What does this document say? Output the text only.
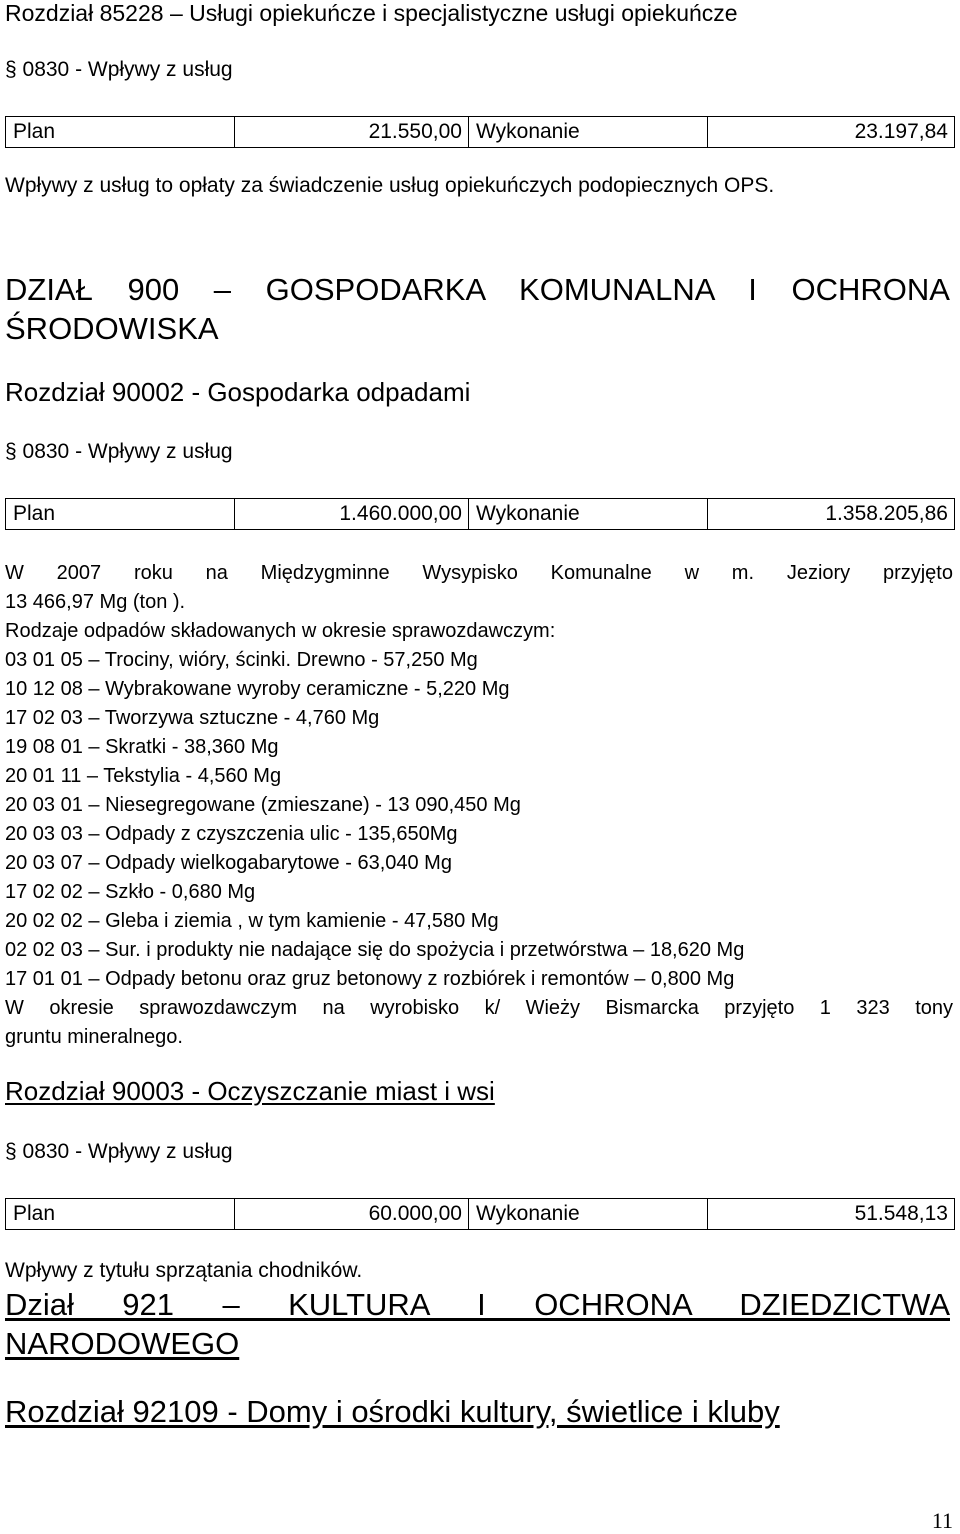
Rozdział 85228 – Usługi opiekuńcze i specjalistyczne usługi opiekuńcze
§ 0830 - Wpływy z usług
Plan	21.550,00	Wykonanie	23.197,84
Wpływy z usług to opłaty za świadczenie usług opiekuńczych podopiecznych OPS.
DZIAŁ 900 – GOSPODARKA KOMUNALNA I OCHRONA
ŚRODOWISKA
Rozdział 90002 - Gospodarka odpadami
§ 0830 - Wpływy z usług
Plan	1.460.000,00	Wykonanie	1.358.205,86
W 2007 roku na Międzygminne Wysypisko Komunalne w m. Jeziory przyjęto
13 466,97 Mg (ton ).
Rodzaje odpadów składowanych w okresie sprawozdawczym:
03 01 05 – Trociny, wióry, ścinki. Drewno - 57,250 Mg
10 12 08 – Wybrakowane wyroby ceramiczne - 5,220 Mg
17 02 03 – Tworzywa sztuczne - 4,760 Mg
19 08 01 – Skratki - 38,360 Mg
20 01 11 – Tekstylia - 4,560 Mg
20 03 01 – Niesegregowane (zmieszane) - 13 090,450 Mg
20 03 03 – Odpady z czyszczenia ulic - 135,650Mg
20 03 07 – Odpady wielkogabarytowe - 63,040 Mg
17 02 02 – Szkło - 0,680 Mg
20 02 02 – Gleba i ziemia , w tym kamienie - 47,580 Mg
02 02 03 – Sur. i produkty nie nadające się do spożycia i przetwórstwa – 18,620 Mg
17 01 01 – Odpady betonu oraz gruz betonowy z rozbiórek i remontów – 0,800 Mg
W okresie sprawozdawczym na wyrobisko k/ Wieży Bismarcka przyjęto 1 323 tony
gruntu mineralnego.
Rozdział 90003 - Oczyszczanie miast i wsi
§ 0830 - Wpływy z usług
Plan	60.000,00	Wykonanie	51.548,13
Wpływy z tytułu sprzątania chodników.
Dział 921 – KULTURA I OCHRONA DZIEDZICTWA
NARODOWEGO
Rozdział 92109 - Domy i ośrodki kultury, świetlice i kluby
11
